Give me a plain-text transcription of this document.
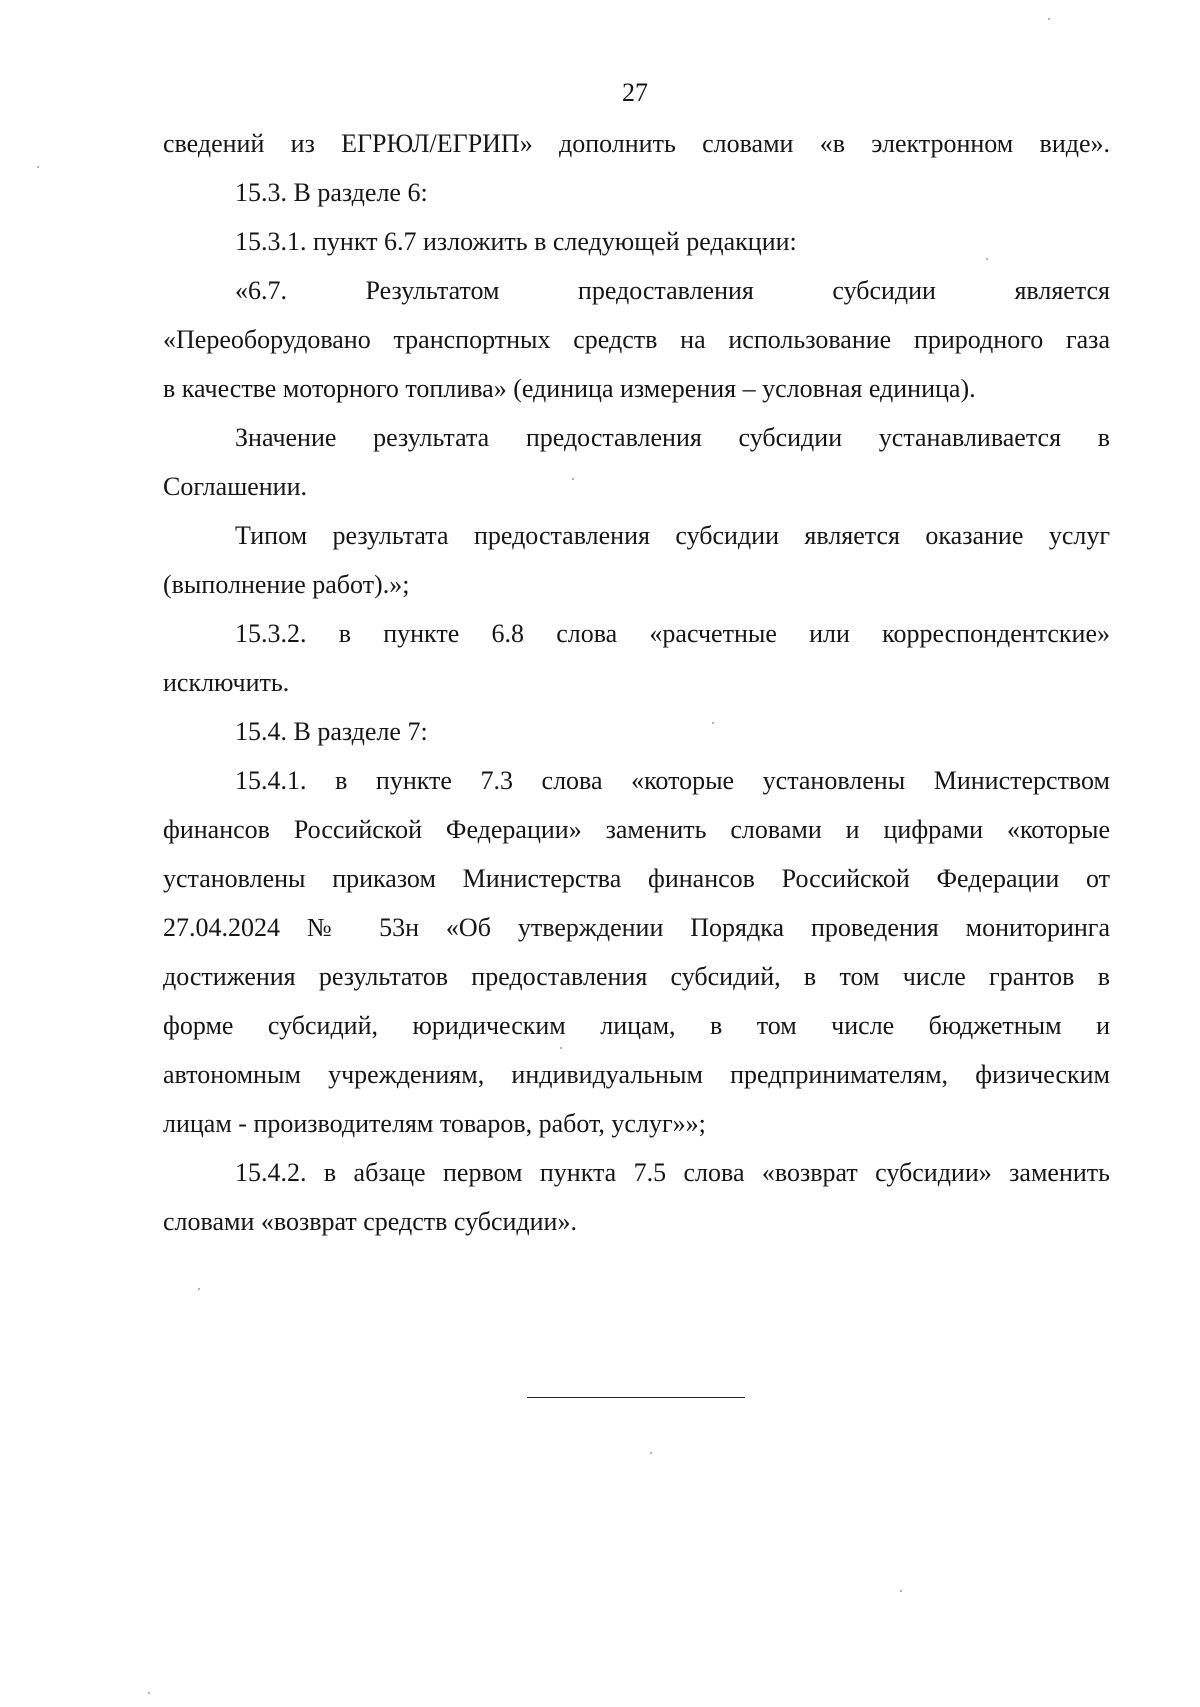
27
сведений из ЕГРЮЛ/ЕГРИП» дополнить словами «в электронном виде».
15.3. В разделе 6:
15.3.1. пункт 6.7 изложить в следующей редакции:
«6.7. Результатом предоставления субсидии является
«Переоборудовано транспортных средств на использование природного газа
в качестве моторного топлива» (единица измерения – условная единица).
Значение результата предоставления субсидии устанавливается в
Соглашении.
Типом результата предоставления субсидии является оказание услуг
(выполнение работ).»;
15.3.2. в пункте 6.8 слова «расчетные или корреспондентские»
исключить.
15.4. В разделе 7:
15.4.1. в пункте 7.3 слова «которые установлены Министерством
финансов Российской Федерации» заменить словами и цифрами «которые
установлены приказом Министерства финансов Российской Федерации от
27.04.2024 № 53н «Об утверждении Порядка проведения мониторинга
достижения результатов предоставления субсидий, в том числе грантов в
форме субсидий, юридическим лицам, в том числе бюджетным и
автономным учреждениям, индивидуальным предпринимателям, физическим
лицам - производителям товаров, работ, услуг»»;
15.4.2. в абзаце первом пункта 7.5 слова «возврат субсидии» заменить
словами «возврат средств субсидии».
